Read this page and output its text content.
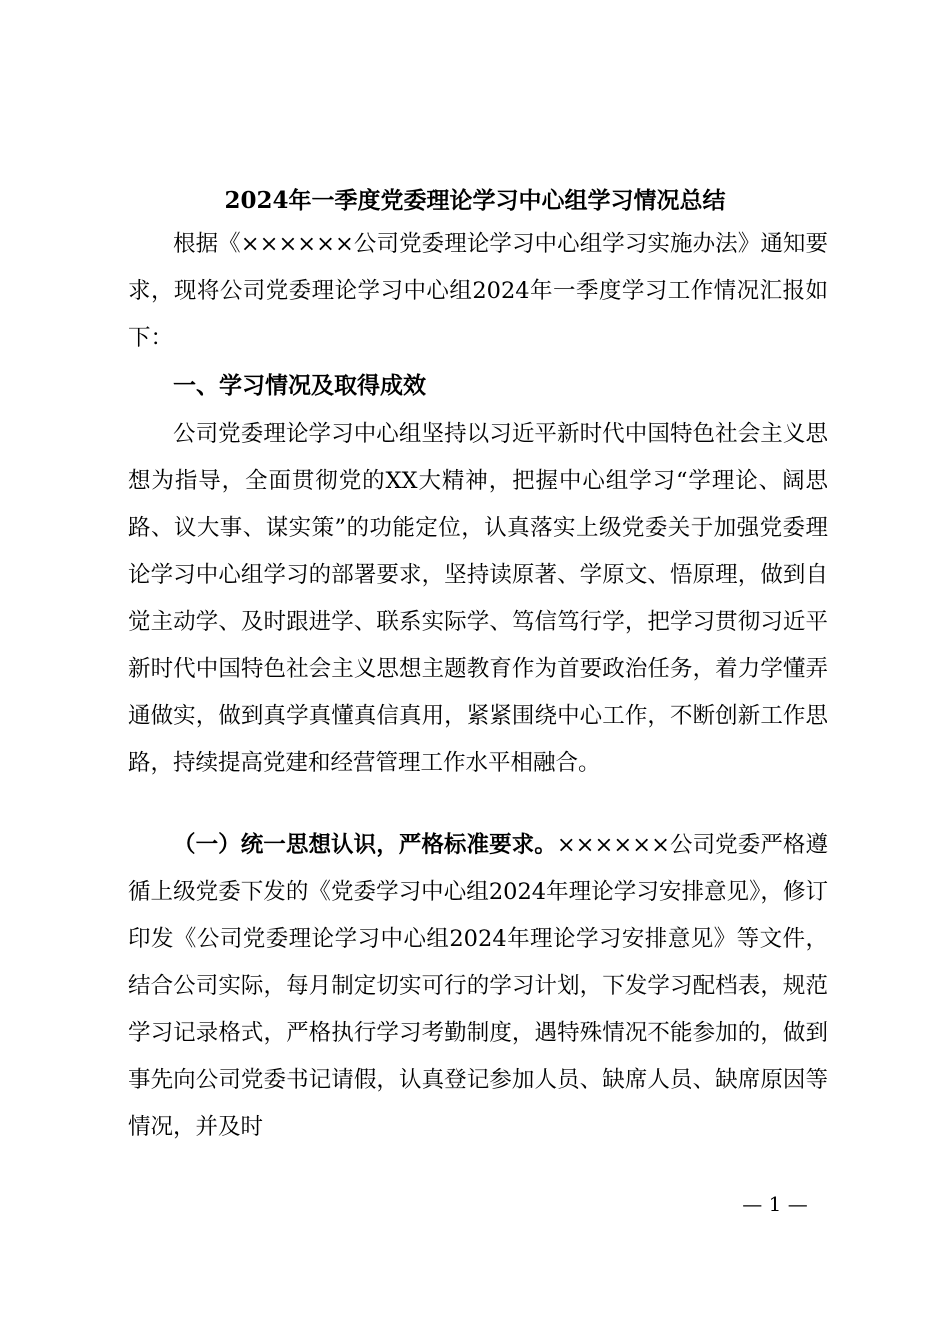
2024年一季度党委理论学习中心组学习情况总结

根据《××××××公司党委理论学习中心组学习实施办法》通知要求，现将公司党委理论学习中心组2024年一季度学习工作情况汇报如下：

一、学习情况及取得成效

公司党委理论学习中心组坚持以习近平新时代中国特色社会主义思想为指导，全面贯彻党的XX大精神，把握中心组学习“学理论、阔思路、议大事、谋实策”的功能定位，认真落实上级党委关于加强党委理论学习中心组学习的部署要求，坚持读原著、学原文、悟原理，做到自觉主动学、及时跟进学、联系实际学、笃信笃行学，把学习贯彻习近平新时代中国特色社会主义思想主题教育作为首要政治任务，着力学懂弄通做实，做到真学真懂真信真用，紧紧围绕中心工作，不断创新工作思路，持续提高党建和经营管理工作水平相融合。

（一）统一思想认识，严格标准要求。××××××公司党委严格遵循上级党委下发的《党委学习中心组2024年理论学习安排意见》，修订印发《公司党委理论学习中心组2024年理论学习安排意见》等文件，结合公司实际，每月制定切实可行的学习计划，下发学习配档表，规范学习记录格式，严格执行学习考勤制度，遇特殊情况不能参加的，做到事先向公司党委书记请假，认真登记参加人员、缺席人员、缺席原因等情况，并及时

— 1 —
